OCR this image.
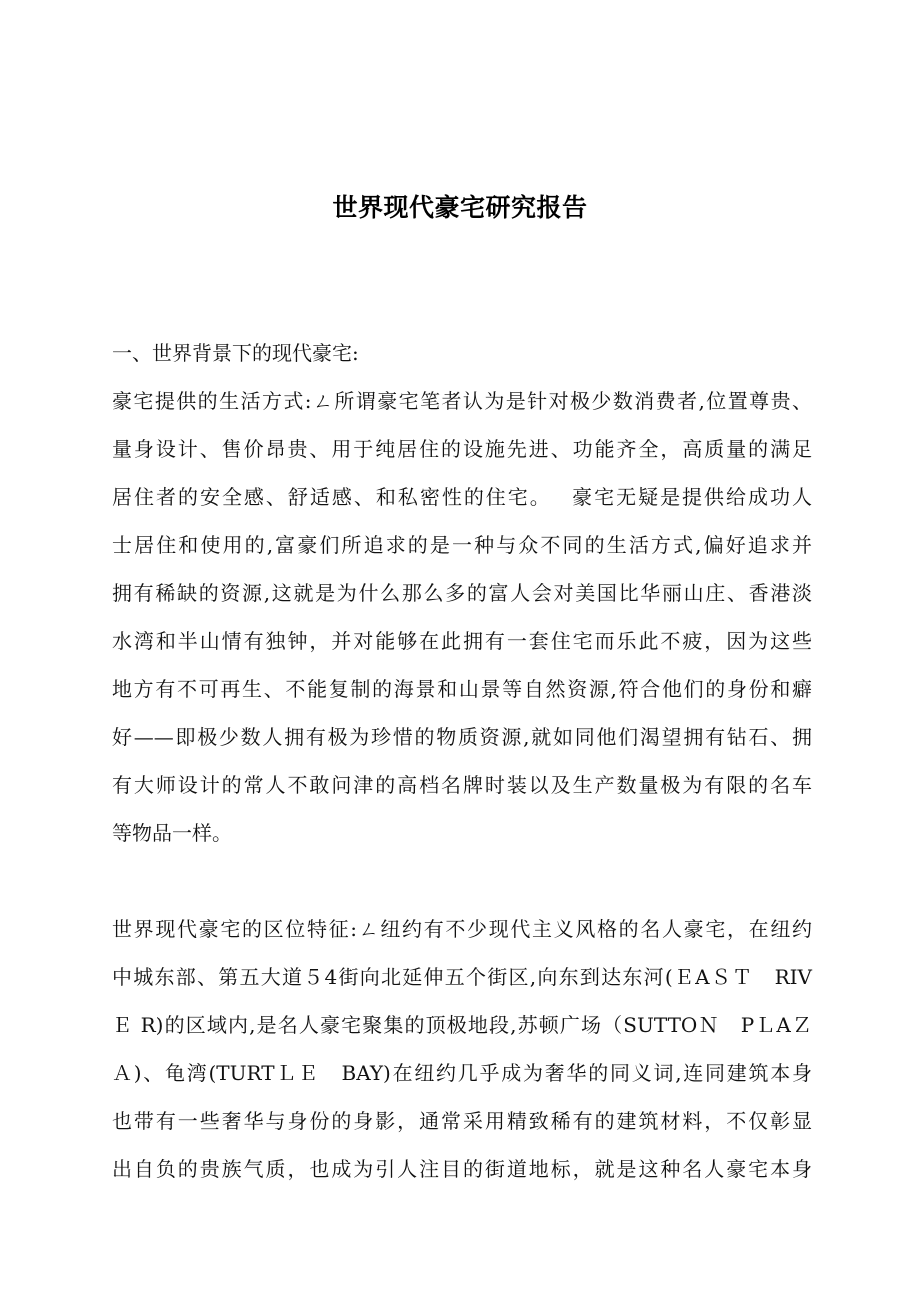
世界现代豪宅研究报告
一、世界背景下的现代豪宅:
豪宅提供的生活方式:ㄥ所谓豪宅笔者认为是针对极少数消费者,位置尊贵、
量身设计、售价昂贵、用于纯居住的设施先进、功能齐全，高质量的满足
居住者的安全感、舒适感、和私密性的住宅。　 豪宅无疑是提供给成功人
士居住和使用的,富豪们所追求的是一种与众不同的生活方式,偏好追求并
拥有稀缺的资源,这就是为什么那么多的富人会对美国比华丽山庄、香港淡
水湾和半山情有独钟，并对能够在此拥有一套住宅而乐此不疲，因为这些
地方有不可再生、不能复制的海景和山景等自然资源,符合他们的身份和癖
好——即极少数人拥有极为珍惜的物质资源,就如同他们渴望拥有钻石、拥
有大师设计的常人不敢问津的高档名牌时装以及生产数量极为有限的名车
等物品一样。
世界现代豪宅的区位特征:ㄥ纽约有不少现代主义风格的名人豪宅，在纽约
中城东部、第五大道５4街向北延伸五个街区,向东到达东河(ＥAＳＴ　RIV
Ｅ R)的区域内,是名人豪宅聚集的顶极地段,苏顿广场（SUTTOＮ　PＬAＺ
Ａ)、龟湾(TURTＬＥ　BAY)在纽约几乎成为奢华的同义词,连同建筑本身
也带有一些奢华与身份的身影，通常采用精致稀有的建筑材料，不仅彰显
出自负的贵族气质，也成为引人注目的街道地标，就是这种名人豪宅本身
